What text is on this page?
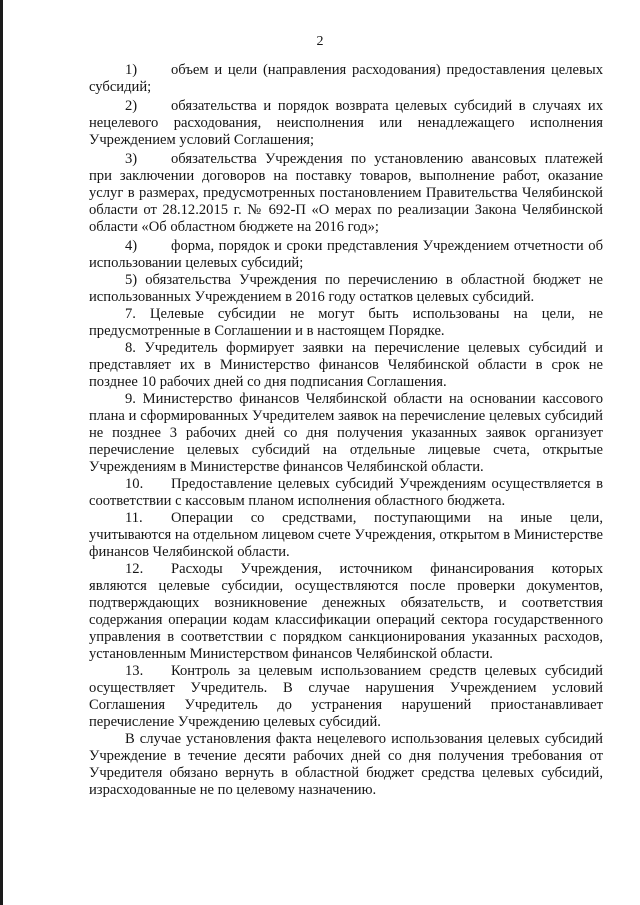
2

1) объем и цели (направления расходования) предоставления целевых субсидий;

2) обязательства и порядок возврата целевых субсидий в случаях их нецелевого расходования, неисполнения или ненадлежащего исполнения Учреждением условий Соглашения;

3) обязательства Учреждения по установлению авансовых платежей при заключении договоров на поставку товаров, выполнение работ, оказание услуг в размерах, предусмотренных постановлением Правительства Челябинской области от 28.12.2015 г. № 692-П «О мерах по реализации Закона Челябинской области «Об областном бюджете на 2016 год»;

4) форма, порядок и сроки представления Учреждением отчетности об использовании целевых субсидий;

5) обязательства Учреждения по перечислению в областной бюджет не использованных Учреждением в 2016 году остатков целевых субсидий.

7. Целевые субсидии не могут быть использованы на цели, не предусмотренные в Соглашении и в настоящем Порядке.

8. Учредитель формирует заявки на перечисление целевых субсидий и представляет их в Министерство финансов Челябинской области в срок не позднее 10 рабочих дней со дня подписания Соглашения.

9. Министерство финансов Челябинской области на основании кассового плана и сформированных Учредителем заявок на перечисление целевых субсидий не позднее 3 рабочих дней со дня получения указанных заявок организует перечисление целевых субсидий на отдельные лицевые счета, открытые Учреждениям в Министерстве финансов Челябинской области.

10. Предоставление целевых субсидий Учреждениям осуществляется в соответствии с кассовым планом исполнения областного бюджета.

11. Операции со средствами, поступающими на иные цели, учитываются на отдельном лицевом счете Учреждения, открытом в Министерстве финансов Челябинской области.

12. Расходы Учреждения, источником финансирования которых являются целевые субсидии, осуществляются после проверки документов, подтверждающих возникновение денежных обязательств, и соответствия содержания операции кодам классификации операций сектора государственного управления в соответствии с порядком санкционирования указанных расходов, установленным Министерством финансов Челябинской области.

13. Контроль за целевым использованием средств целевых субсидий осуществляет Учредитель. В случае нарушения Учреждением условий Соглашения Учредитель до устранения нарушений приостанавливает перечисление Учреждению целевых субсидий.

В случае установления факта нецелевого использования целевых субсидий Учреждение в течение десяти рабочих дней со дня получения требования от Учредителя обязано вернуть в областной бюджет средства целевых субсидий, израсходованные не по целевому назначению.
